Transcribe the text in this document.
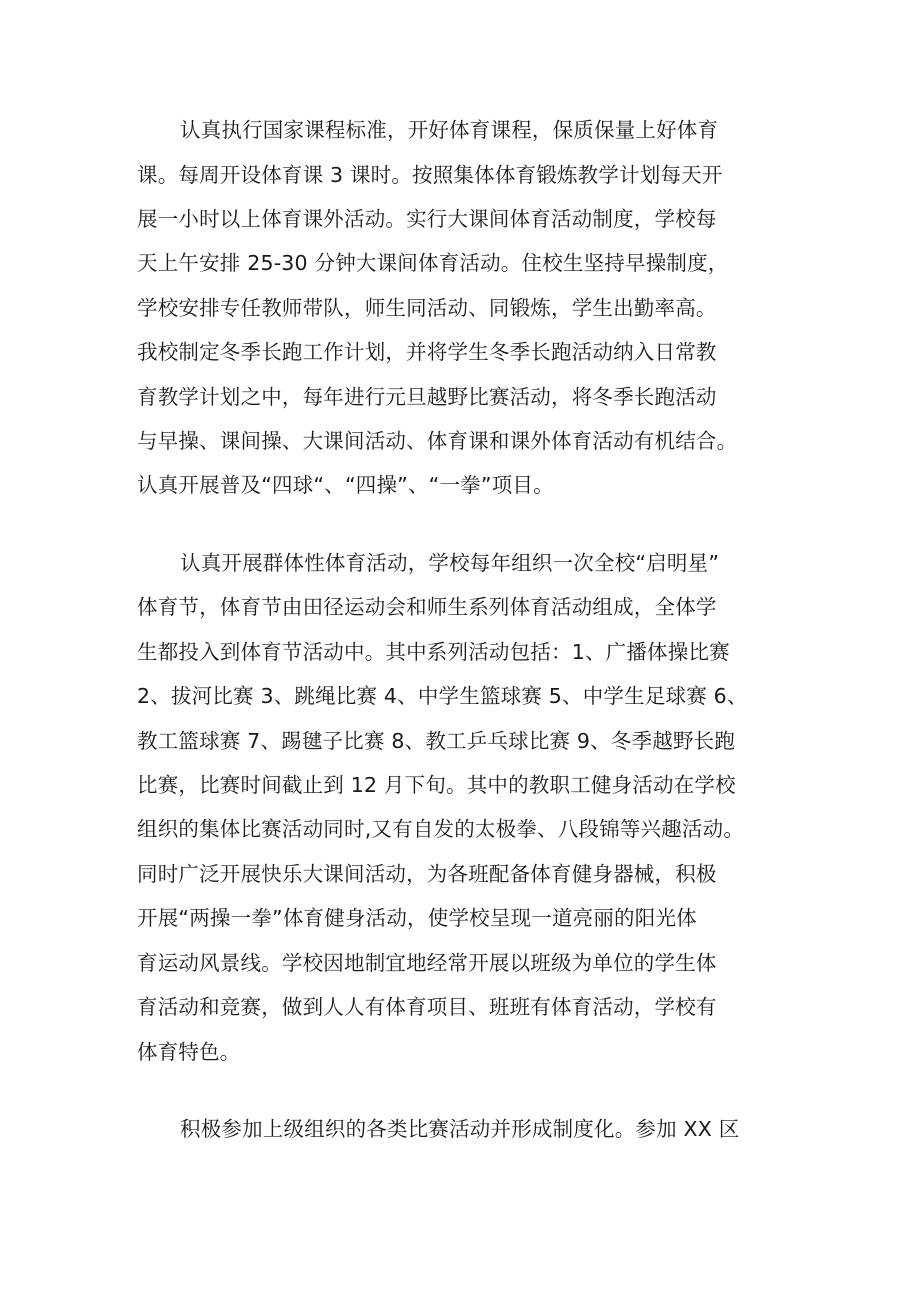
认真执行国家课程标准，开好体育课程，保质保量上好体育
课。每周开设体育课 3 课时。按照集体体育锻炼教学计划每天开
展一小时以上体育课外活动。实行大课间体育活动制度，学校每
天上午安排 25-30 分钟大课间体育活动。住校生坚持早操制度，
学校安排专任教师带队，师生同活动、同锻炼，学生出勤率高。
我校制定冬季长跑工作计划，并将学生冬季长跑活动纳入日常教
育教学计划之中，每年进行元旦越野比赛活动，将冬季长跑活动
与早操、课间操、大课间活动、体育课和课外体育活动有机结合。
认真开展普及“四球“、“四操”、“一拳”项目。
认真开展群体性体育活动，学校每年组织一次全校“启明星”
体育节，体育节由田径运动会和师生系列体育活动组成，全体学
生都投入到体育节活动中。其中系列活动包括：1、广播体操比赛
2、拔河比赛 3、跳绳比赛 4、中学生篮球赛 5、中学生足球赛 6、
教工篮球赛 7、踢毽子比赛 8、教工乒乓球比赛 9、冬季越野长跑
比赛，比赛时间截止到 12 月下旬。其中的教职工健身活动在学校
组织的集体比赛活动同时,又有自发的太极拳、八段锦等兴趣活动。
同时广泛开展快乐大课间活动，为各班配备体育健身器械，积极
开展“两操一拳”体育健身活动，使学校呈现一道亮丽的阳光体
育运动风景线。学校因地制宜地经常开展以班级为单位的学生体
育活动和竞赛，做到人人有体育项目、班班有体育活动，学校有
体育特色。
积极参加上级组织的各类比赛活动并形成制度化。参加 XX 区
